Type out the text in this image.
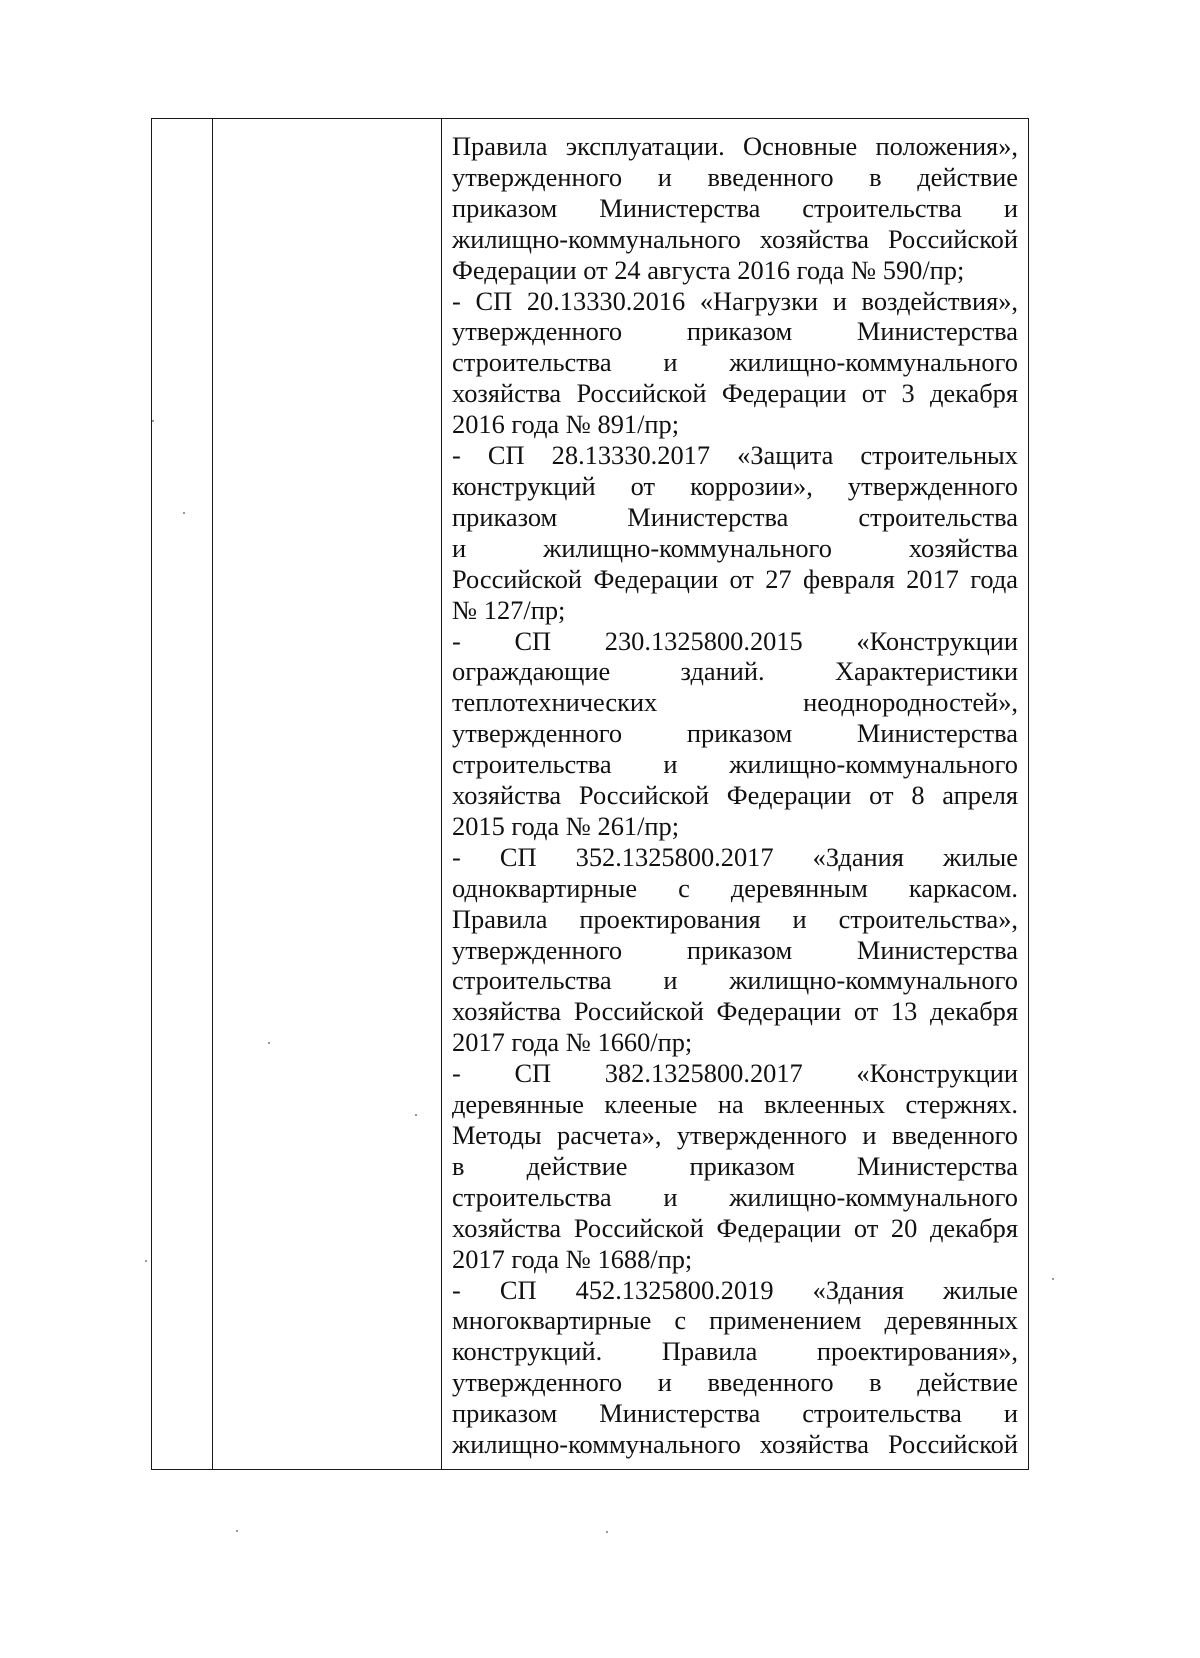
Правила эксплуатации. Основные положения»,
утвержденного и введенного в действие
приказом Министерства строительства и
жилищно-коммунального хозяйства Российской
Федерации от 24 августа 2016 года № 590/пр;
- СП 20.13330.2016 «Нагрузки и воздействия»,
утвержденного приказом Министерства
строительства и жилищно-коммунального
хозяйства Российской Федерации от 3 декабря
2016 года № 891/пр;
- СП 28.13330.2017 «Защита строительных
конструкций от коррозии», утвержденного
приказом Министерства строительства
и жилищно-коммунального хозяйства
Российской Федерации от 27 февраля 2017 года
№ 127/пр;
- СП 230.1325800.2015 «Конструкции
ограждающие зданий. Характеристики
теплотехнических неоднородностей»,
утвержденного приказом Министерства
строительства и жилищно-коммунального
хозяйства Российской Федерации от 8 апреля
2015 года № 261/пр;
- СП 352.1325800.2017 «Здания жилые
одноквартирные с деревянным каркасом.
Правила проектирования и строительства»,
утвержденного приказом Министерства
строительства и жилищно-коммунального
хозяйства Российской Федерации от 13 декабря
2017 года № 1660/пр;
- СП 382.1325800.2017 «Конструкции
деревянные клееные на вклеенных стержнях.
Методы расчета», утвержденного и введенного
в действие приказом Министерства
строительства и жилищно-коммунального
хозяйства Российской Федерации от 20 декабря
2017 года № 1688/пр;
- СП 452.1325800.2019 «Здания жилые
многоквартирные с применением деревянных
конструкций. Правила проектирования»,
утвержденного и введенного в действие
приказом Министерства строительства и
жилищно-коммунального хозяйства Российской
